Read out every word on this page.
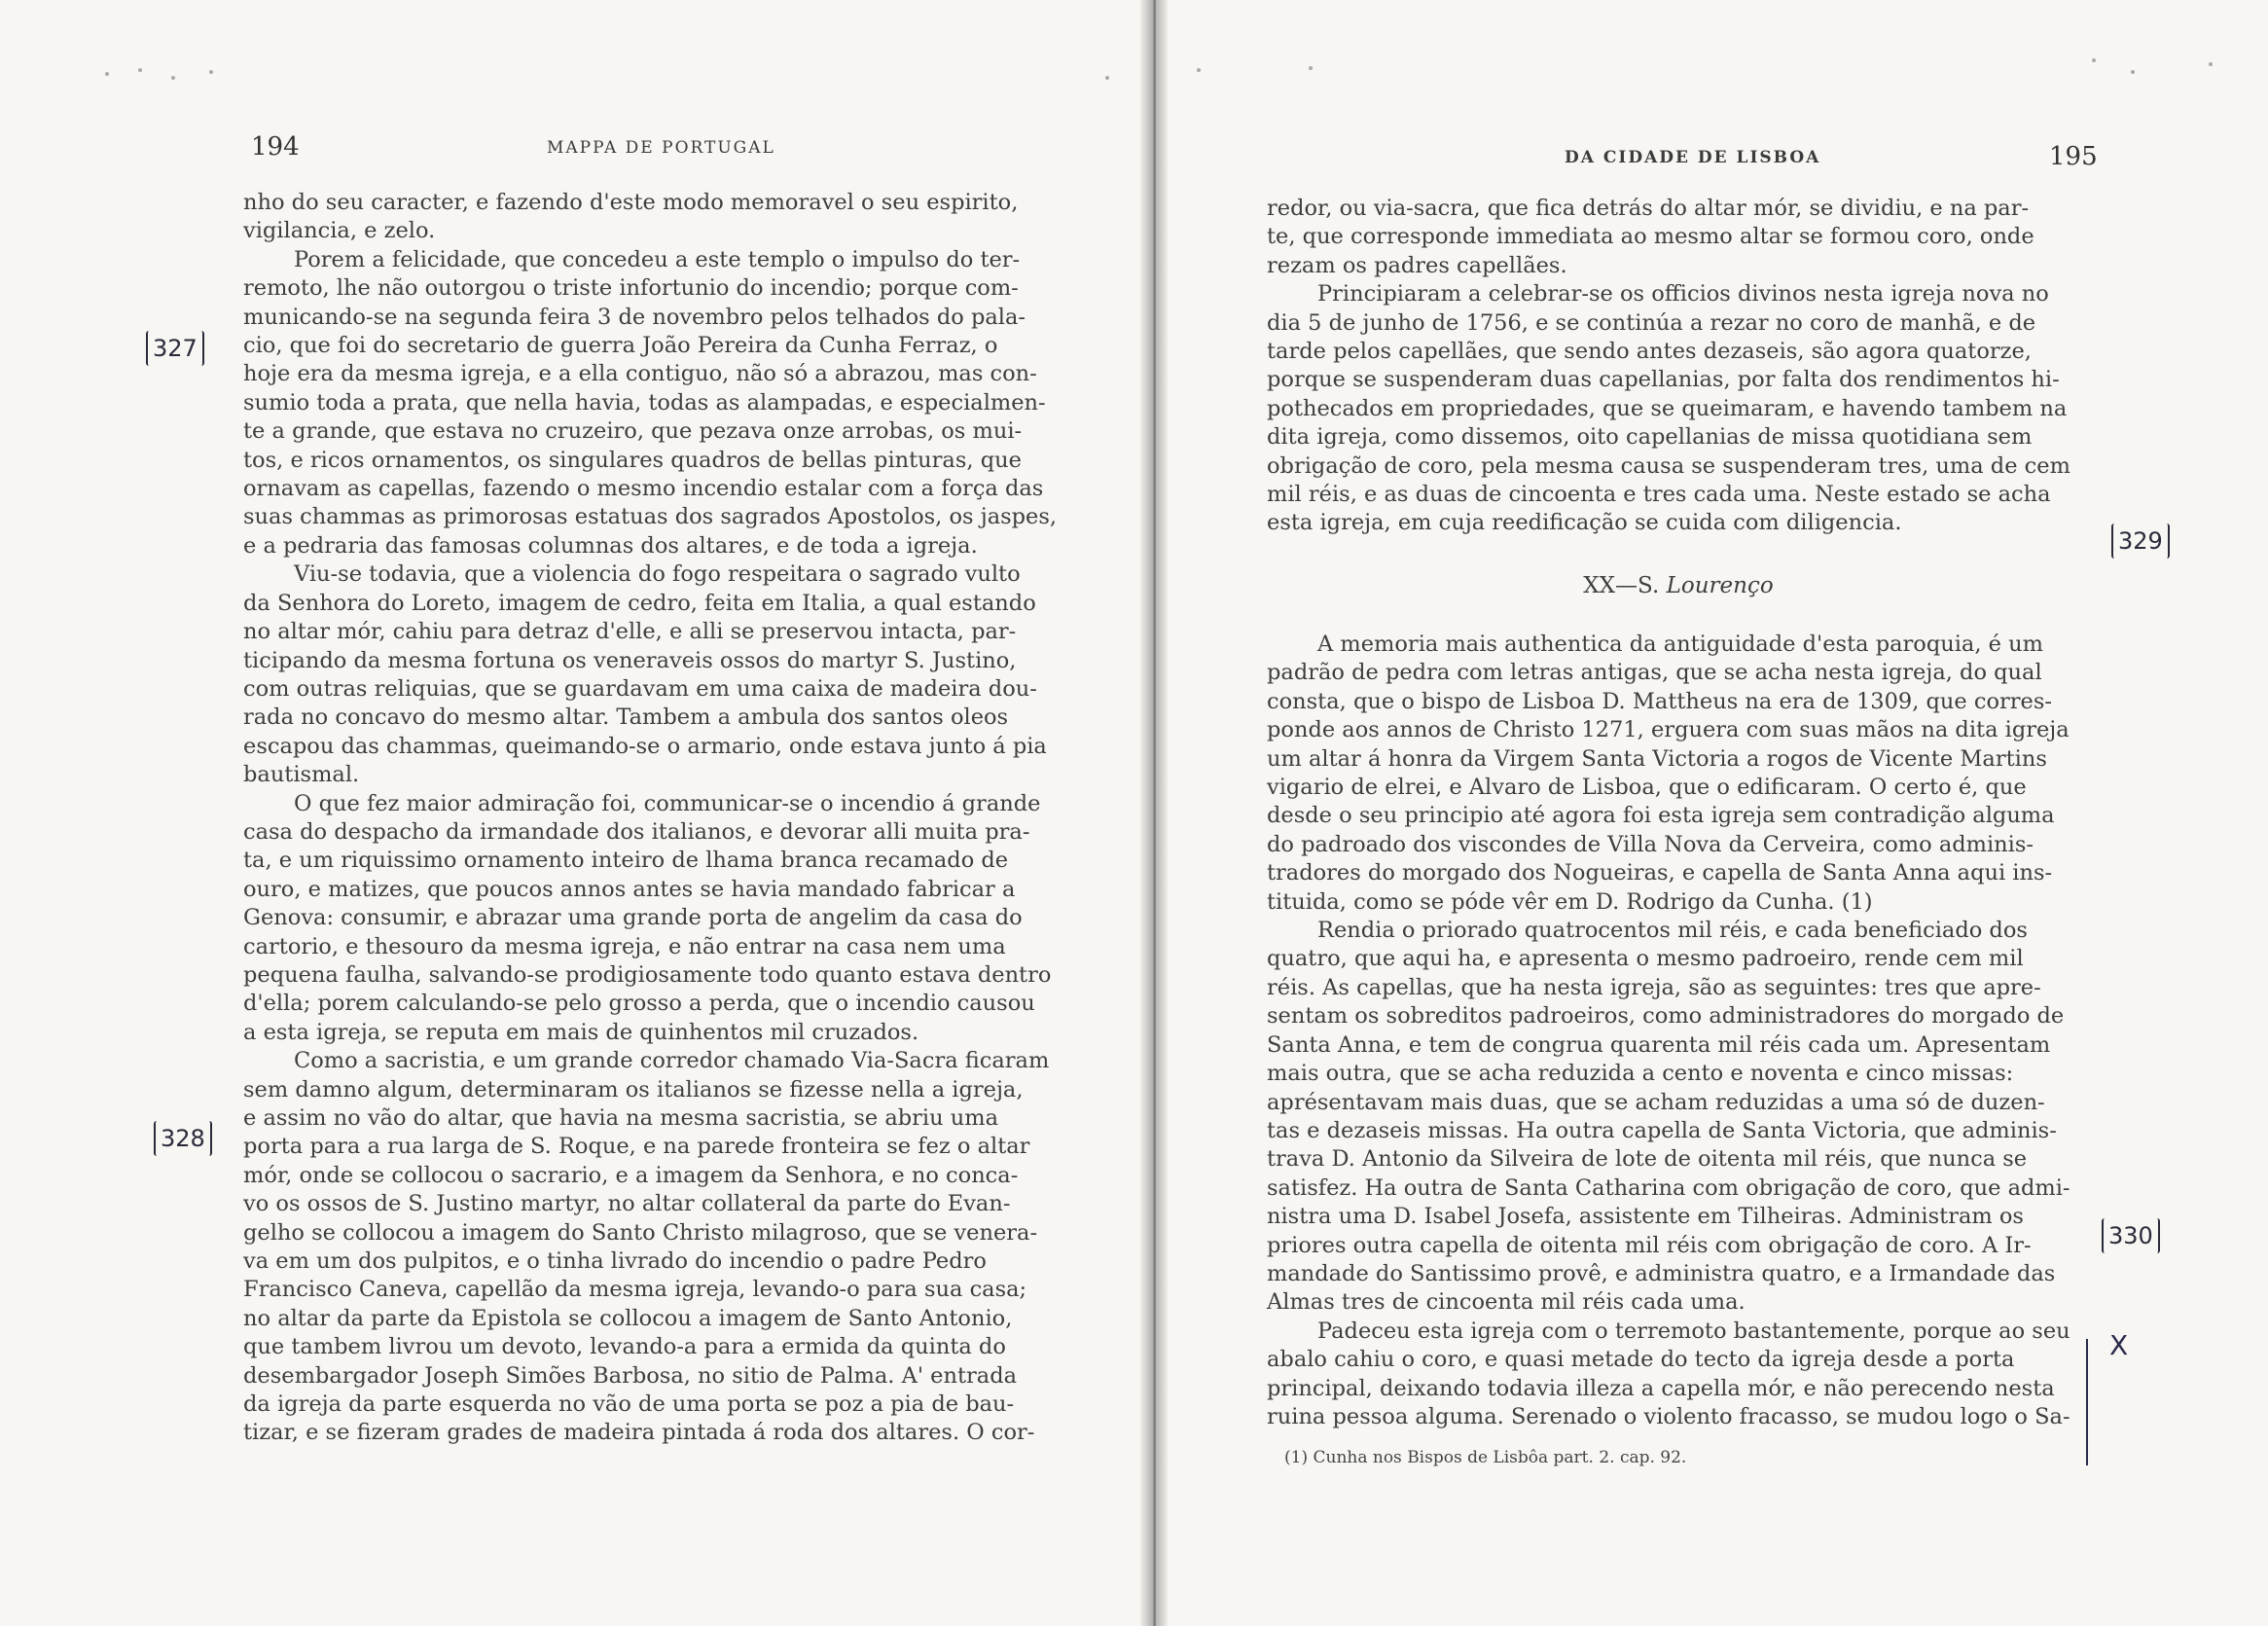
194	MAPPA DE PORTUGAL

nho do seu caracter, e fazendo d'este modo memoravel o seu espirito,

vigilancia, e zelo.

Porem a felicidade, que concedeu a este templo o impulso do ter-

remoto, lhe não outorgou o triste infortunio do incendio; porque com-

municando-se na segunda feira 3 de novembro pelos telhados do pala-

cio, que foi do secretario de guerra João Pereira da Cunha Ferraz, o

hoje era da mesma igreja, e a ella contiguo, não só a abrazou, mas con-

sumio toda a prata, que nella havia, todas as alampadas, e especialmen-

te a grande, que estava no cruzeiro, que pezava onze arrobas, os mui-

tos, e ricos ornamentos, os singulares quadros de bellas pinturas, que

ornavam as capellas, fazendo o mesmo incendio estalar com a força das

suas chammas as primorosas estatuas dos sagrados Apostolos, os jaspes,

e a pedraria das famosas columnas dos altares, e de toda a igreja.

Viu-se todavia, que a violencia do fogo respeitara o sagrado vulto

da Senhora do Loreto, imagem de cedro, feita em Italia, a qual estando

no altar mór, cahiu para detraz d'elle, e alli se preservou intacta, par-

ticipando da mesma fortuna os veneraveis ossos do martyr S. Justino,

com outras reliquias, que se guardavam em uma caixa de madeira dou-

rada no concavo do mesmo altar. Tambem a ambula dos santos oleos

escapou das chammas, queimando-se o armario, onde estava junto á pia

bautismal.

O que fez maior admiração foi, communicar-se o incendio á grande

casa do despacho da irmandade dos italianos, e devorar alli muita pra-

ta, e um riquissimo ornamento inteiro de lhama branca recamado de

ouro, e matizes, que poucos annos antes se havia mandado fabricar a

Genova: consumir, e abrazar uma grande porta de angelim da casa do

cartorio, e thesouro da mesma igreja, e não entrar na casa nem uma

pequena faulha, salvando-se prodigiosamente todo quanto estava dentro

d'ella; porem calculando-se pelo grosso a perda, que o incendio causou

a esta igreja, se reputa em mais de quinhentos mil cruzados.

Como a sacristia, e um grande corredor chamado Via-Sacra ficaram

sem damno algum, determinaram os italianos se fizesse nella a igreja,

e assim no vão do altar, que havia na mesma sacristia, se abriu uma

porta para a rua larga de S. Roque, e na parede fronteira se fez o altar

mór, onde se collocou o sacrario, e a imagem da Senhora, e no conca-

vo os ossos de S. Justino martyr, no altar collateral da parte do Evan-

gelho se collocou a imagem do Santo Christo milagroso, que se venera-

va em um dos pulpitos, e o tinha livrado do incendio o padre Pedro

Francisco Caneva, capellão da mesma igreja, levando-o para sua casa;

no altar da parte da Epistola se collocou a imagem de Santo Antonio,

que tambem livrou um devoto, levando-a para a ermida da quinta do

desembargador Joseph Simões Barbosa, no sitio de Palma. A' entrada

da igreja da parte esquerda no vão de uma porta se poz a pia de bau-

tizar, e se fizeram grades de madeira pintada á roda dos altares. O cor-

327
328
DA CIDADE DE LISBOA	195

redor, ou via-sacra, que fica detrás do altar mór, se dividiu, e na par-

te, que corresponde immediata ao mesmo altar se formou coro, onde

rezam os padres capellães.

Principiaram a celebrar-se os officios divinos nesta igreja nova no

dia 5 de junho de 1756, e se continúa a rezar no coro de manhã, e de

tarde pelos capellães, que sendo antes dezaseis, são agora quatorze,

porque se suspenderam duas capellanias, por falta dos rendimentos hi-

pothecados em propriedades, que se queimaram, e havendo tambem na

dita igreja, como dissemos, oito capellanias de missa quotidiana sem

obrigação de coro, pela mesma causa se suspenderam tres, uma de cem

mil réis, e as duas de cincoenta e tres cada uma. Neste estado se acha

esta igreja, em cuja reedificação se cuida com diligencia.

XX—S. Lourenço

A memoria mais authentica da antiguidade d'esta paroquia, é um

padrão de pedra com letras antigas, que se acha nesta igreja, do qual

consta, que o bispo de Lisboa D. Mattheus na era de 1309, que corres-

ponde aos annos de Christo 1271, erguera com suas mãos na dita igreja

um altar á honra da Virgem Santa Victoria a rogos de Vicente Martins

vigario de elrei, e Alvaro de Lisboa, que o edificaram. O certo é, que

desde o seu principio até agora foi esta igreja sem contradição alguma

do padroado dos viscondes de Villa Nova da Cerveira, como adminis-

tradores do morgado dos Nogueiras, e capella de Santa Anna aqui ins-

tituida, como se póde vêr em D. Rodrigo da Cunha. (1)

Rendia o priorado quatrocentos mil réis, e cada beneficiado dos

quatro, que aqui ha, e apresenta o mesmo padroeiro, rende cem mil

réis. As capellas, que ha nesta igreja, são as seguintes: tres que apre-

sentam os sobreditos padroeiros, como administradores do morgado de

Santa Anna, e tem de congrua quarenta mil réis cada um. Apresentam

mais outra, que se acha reduzida a cento e noventa e cinco missas:

aprésentavam mais duas, que se acham reduzidas a uma só de duzen-

tas e dezaseis missas. Ha outra capella de Santa Victoria, que adminis-

trava D. Antonio da Silveira de lote de oitenta mil réis, que nunca se

satisfez. Ha outra de Santa Catharina com obrigação de coro, que admi-

nistra uma D. Isabel Josefa, assistente em Tilheiras. Administram os

priores outra capella de oitenta mil réis com obrigação de coro. A Ir-

mandade do Santissimo provê, e administra quatro, e a Irmandade das

Almas tres de cincoenta mil réis cada uma.

Padeceu esta igreja com o terremoto bastantemente, porque ao seu

abalo cahiu o coro, e quasi metade do tecto da igreja desde a porta

principal, deixando todavia illeza a capella mór, e não perecendo nesta

ruina pessoa alguma. Serenado o violento fracasso, se mudou logo o Sa-

(1) Cunha nos Bispos de Lisbôa part. 2. cap. 92.
329
330
X
